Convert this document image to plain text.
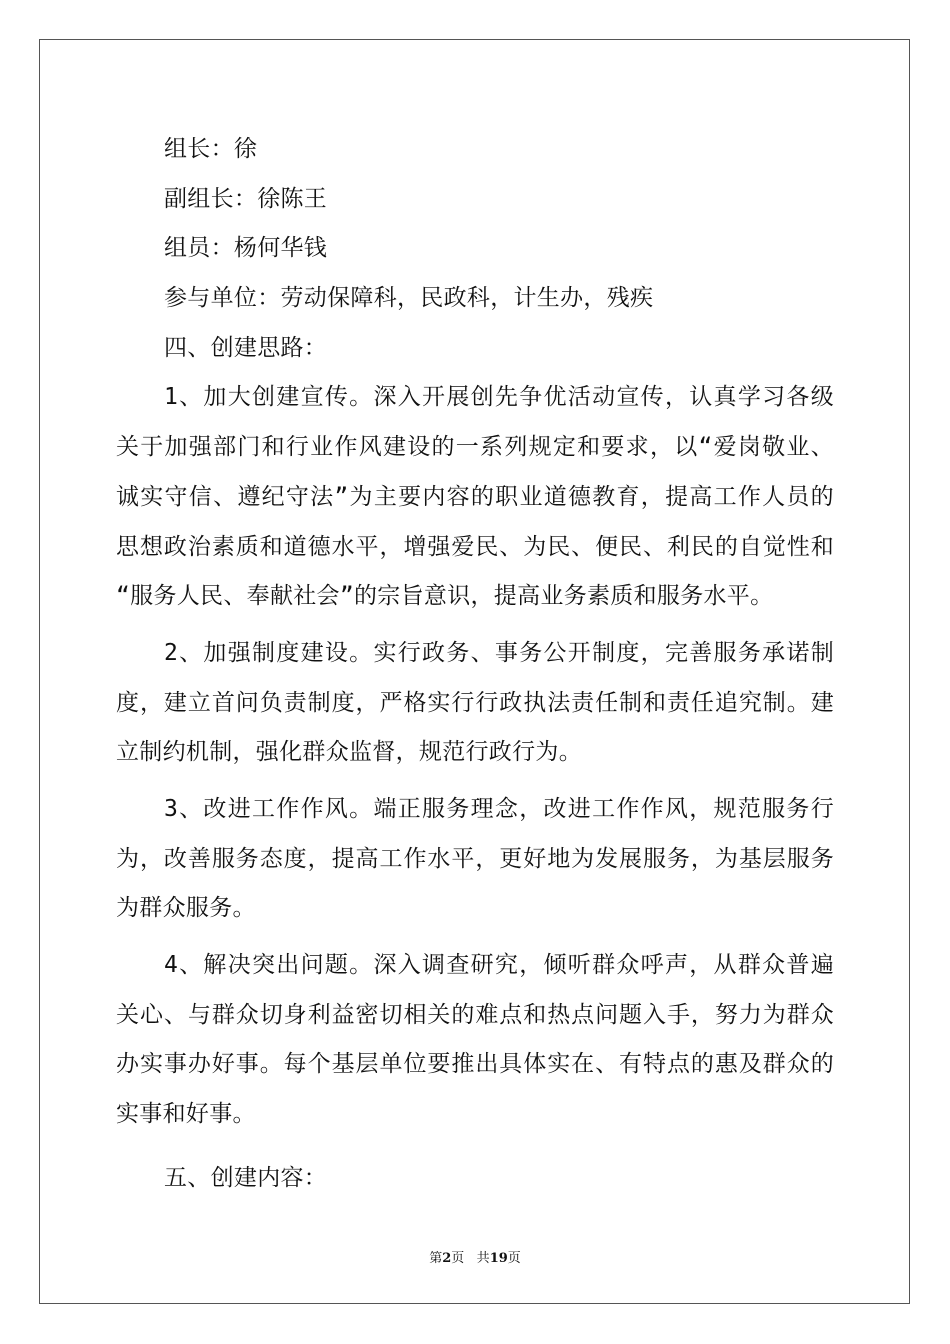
组长：徐
副组长：徐陈王
组员：杨何华钱
参与单位：劳动保障科，民政科，计生办，残疾
四、创建思路：
1、加大创建宣传。深入开展创先争优活动宣传，认真学习各级
关于加强部门和行业作风建设的一系列规定和要求，以“爱岗敬业、
诚实守信、遵纪守法”为主要内容的职业道德教育，提高工作人员的
思想政治素质和道德水平，增强爱民、为民、便民、利民的自觉性和
“服务人民、奉献社会”的宗旨意识，提高业务素质和服务水平。
2、加强制度建设。实行政务、事务公开制度，完善服务承诺制
度，建立首问负责制度，严格实行行政执法责任制和责任追究制。建
立制约机制，强化群众监督，规范行政行为。
3、改进工作作风。端正服务理念，改进工作作风，规范服务行
为，改善服务态度，提高工作水平，更好地为发展服务，为基层服务
为群众服务。
4、解决突出问题。深入调查研究，倾听群众呼声，从群众普遍
关心、与群众切身利益密切相关的难点和热点问题入手，努力为群众
办实事办好事。每个基层单位要推出具体实在、有特点的惠及群众的
实事和好事。
五、创建内容：
第2页 共19页
